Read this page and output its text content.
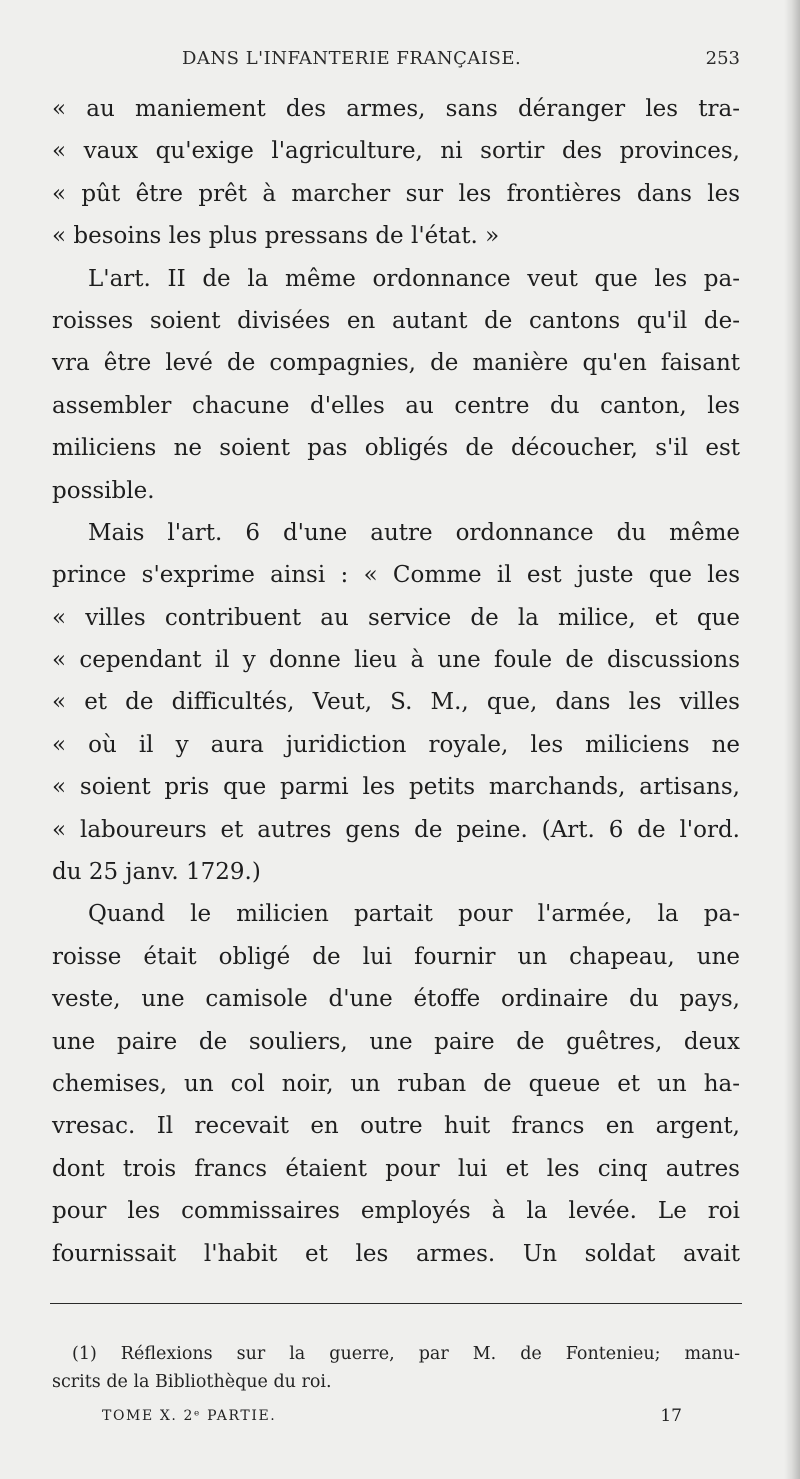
DANS L'INFANTERIE FRANÇAISE.	253
« au maniement des armes, sans déranger les tra-
« vaux qu'exige l'agriculture, ni sortir des provinces,
« pût être prêt à marcher sur les frontières dans les
« besoins les plus pressans de l'état. »
L'art. II de la même ordonnance veut que les pa-
roisses soient divisées en autant de cantons qu'il de-
vra être levé de compagnies, de manière qu'en faisant
assembler chacune d'elles au centre du canton, les
miliciens ne soient pas obligés de découcher, s'il est
possible.
Mais l'art. 6 d'une autre ordonnance du même
prince s'exprime ainsi : « Comme il est juste que les
« villes contribuent au service de la milice, et que
« cependant il y donne lieu à une foule de discussions
« et de difficultés, Veut, S. M., que, dans les villes
« où il y aura juridiction royale, les miliciens ne
« soient pris que parmi les petits marchands, artisans,
« laboureurs et autres gens de peine. (Art. 6 de l'ord.
du 25 janv. 1729.)
Quand le milicien partait pour l'armée, la pa-
roisse était obligé de lui fournir un chapeau, une
veste, une camisole d'une étoffe ordinaire du pays,
une paire de souliers, une paire de guêtres, deux
chemises, un col noir, un ruban de queue et un ha-
vresac. Il recevait en outre huit francs en argent,
dont trois francs étaient pour lui et les cinq autres
pour les commissaires employés à la levée. Le roi
fournissait l'habit et les armes. Un soldat avait
(1) Réflexions sur la guerre, par M. de Fontenieu; manu-
scrits de la Bibliothèque du roi.
TOME X. 2ᵉ PARTIE.	17
